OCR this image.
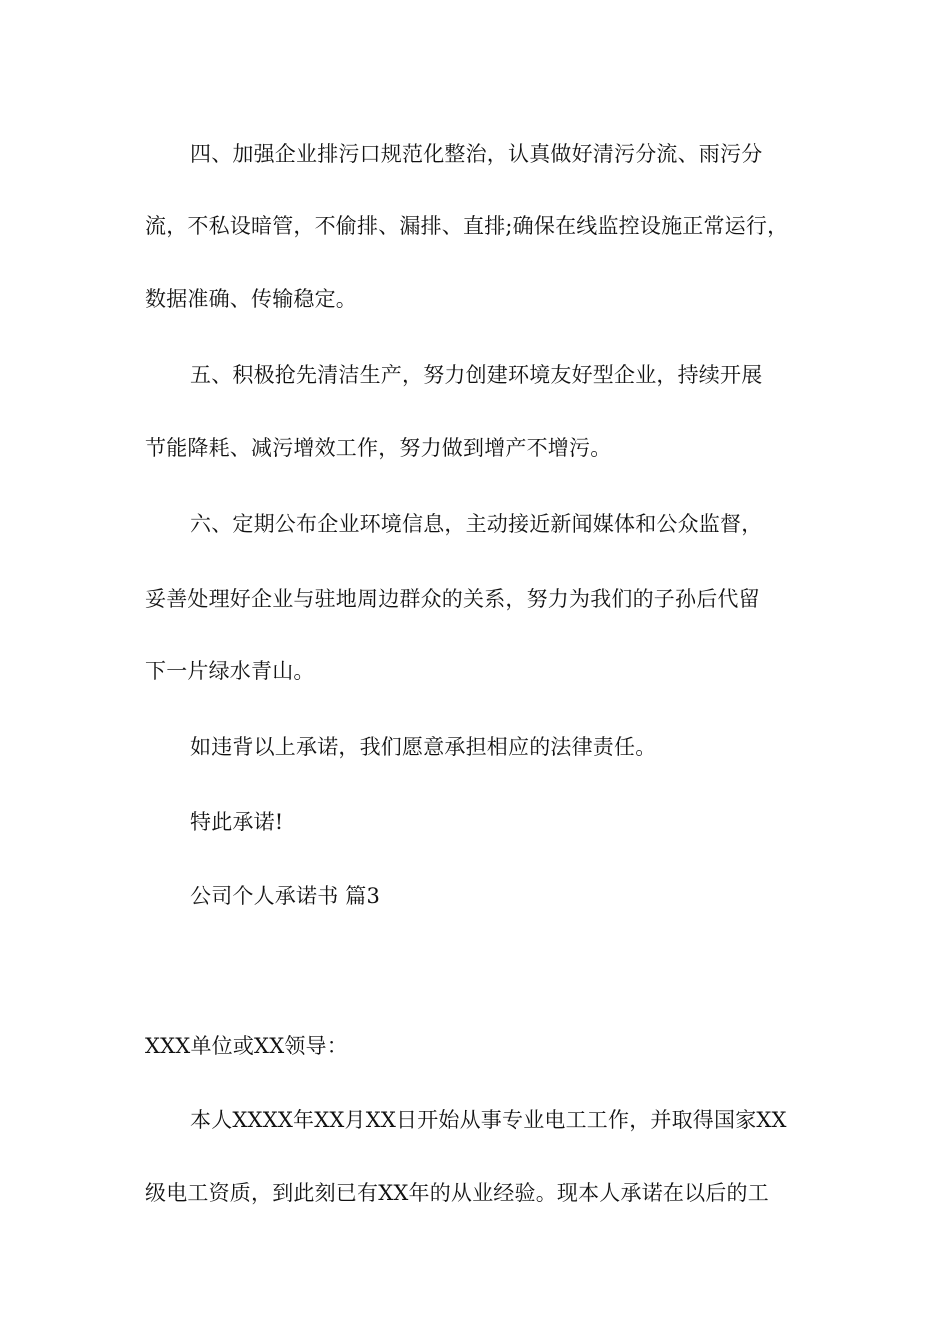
四、加强企业排污口规范化整治，认真做好清污分流、雨污分
流，不私设暗管，不偷排、漏排、直排;确保在线监控设施正常运行，
数据准确、传输稳定。
五、积极抢先清洁生产，努力创建环境友好型企业，持续开展
节能降耗、减污增效工作，努力做到增产不增污。
六、定期公布企业环境信息，主动接近新闻媒体和公众监督，
妥善处理好企业与驻地周边群众的关系，努力为我们的子孙后代留
下一片绿水青山。
如违背以上承诺，我们愿意承担相应的法律责任。
特此承诺!
公司个人承诺书 篇3
XXX单位或XX领导：
本人XXXX年XX月XX日开始从事专业电工工作，并取得国家XX
级电工资质，到此刻已有XX年的从业经验。现本人承诺在以后的工
